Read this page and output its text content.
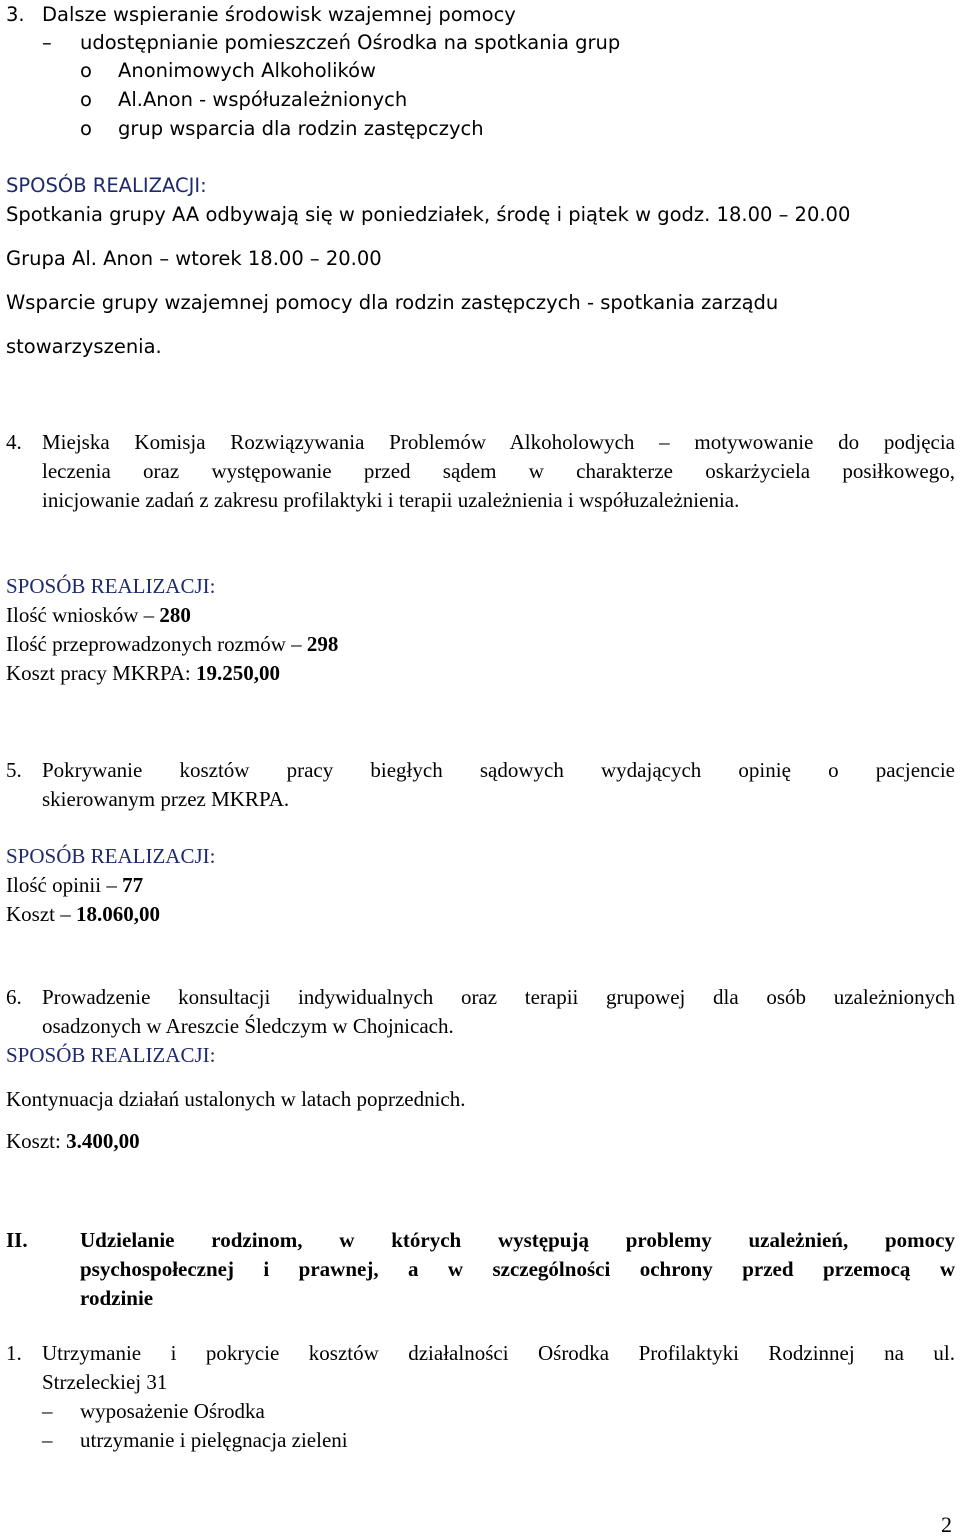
3. Dalsze wspieranie środowisk wzajemnej pomocy
– udostępnianie pomieszczeń Ośrodka na spotkania grup
o Anonimowych Alkoholików
o Al.Anon - współuzależnionych
o grup wsparcia dla rodzin zastępczych
SPOSÓB REALIZACJI:
Spotkania grupy AA odbywają się w poniedziałek, środę i piątek w godz. 18.00 – 20.00
Grupa Al. Anon – wtorek 18.00 – 20.00
Wsparcie grupy wzajemnej pomocy dla rodzin zastępczych - spotkania zarządu
stowarzyszenia.
4. Miejska Komisja Rozwiązywania Problemów Alkoholowych – motywowanie do podjęcia
leczenia oraz występowanie przed sądem w charakterze oskarżyciela posiłkowego,
inicjowanie zadań z zakresu profilaktyki i terapii uzależnienia i współuzależnienia.
SPOSÓB REALIZACJI:
Ilość wniosków – 280
Ilość przeprowadzonych rozmów – 298
Koszt pracy MKRPA: 19.250,00
5. Pokrywanie kosztów pracy biegłych sądowych wydających opinię o pacjencie
skierowanym przez MKRPA.
SPOSÓB REALIZACJI:
Ilość opinii – 77
Koszt – 18.060,00
6. Prowadzenie konsultacji indywidualnych oraz terapii grupowej dla osób uzależnionych
osadzonych w Areszcie Śledczym w Chojnicach.
SPOSÓB REALIZACJI:
Kontynuacja działań ustalonych w latach poprzednich.
Koszt: 3.400,00
II. Udzielanie rodzinom, w których występują problemy uzależnień, pomocy
psychospołecznej i prawnej, a w szczególności ochrony przed przemocą w
rodzinie
1. Utrzymanie i pokrycie kosztów działalności Ośrodka Profilaktyki Rodzinnej na ul.
Strzeleckiej 31
– wyposażenie Ośrodka
– utrzymanie i pielęgnacja zieleni
2
